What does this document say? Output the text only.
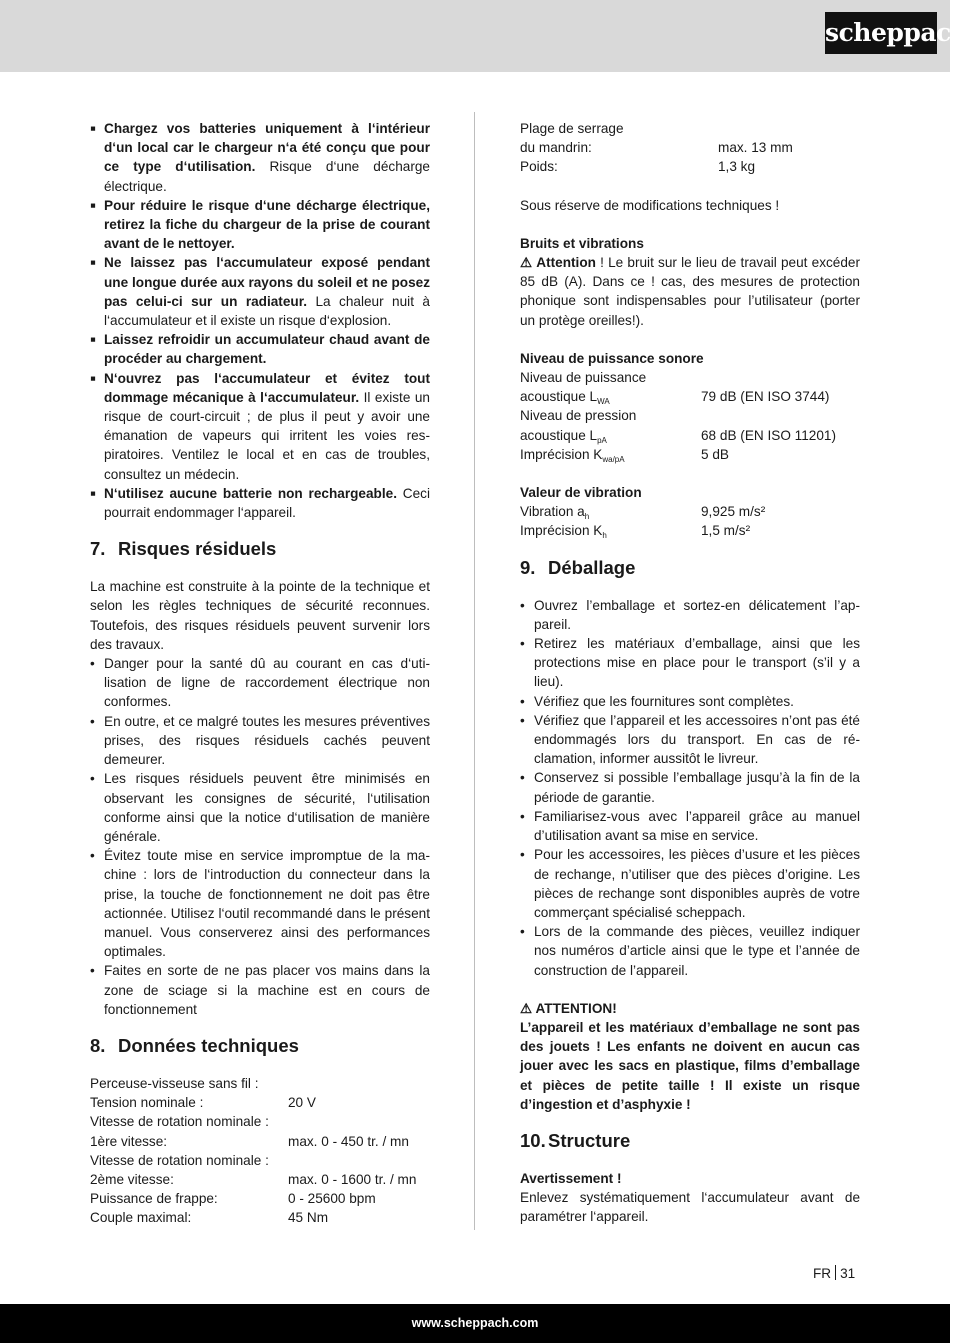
scheppach
▪ Chargez vos batteries uniquement à l‘intérieur d‘un local car le chargeur n‘a été conçu que pour ce type d‘utilisation. Risque d‘une décharge électrique.
▪ Pour réduire le risque d‘une décharge électrique, retirez la fiche du chargeur de la prise de courant avant de le nettoyer.
▪ Ne laissez pas l‘accumulateur exposé pendant une longue durée aux rayons du soleil et ne posez pas celui-ci sur un radiateur. La chaleur nuit à l‘accumulateur et il existe un risque d‘explosion.
▪ Laissez refroidir un accumulateur chaud avant de procéder au chargement.
▪ N‘ouvrez pas l‘accumulateur et évitez tout dommage mécanique à l‘accumulateur. Il existe un risque de court-circuit ; de plus il peut y avoir une émanation de vapeurs qui irritent les voies respiratoires. Ventilez le local et en cas de troubles, consultez un médecin.
▪ N‘utilisez aucune batterie non rechargeable. Ceci pourrait endommager l‘appareil.
7. Risques résiduels

La machine est construite à la pointe de la technique et selon les règles techniques de sécurité reconnues. Toutefois, des risques résiduels peuvent survenir lors des travaux.

• Danger pour la santé dû au courant en cas d‘utilisation de ligne de raccordement électrique non conformes.
• En outre, et ce malgré toutes les mesures préventives prises, des risques résiduels cachés peuvent demeurer.
• Les risques résiduels peuvent être minimisés en observant les consignes de sécurité, l‘utilisation conforme ainsi que la notice d‘utilisation de manière générale.
• Évitez toute mise en service impromptue de la machine : lors de l‘introduction du connecteur dans la prise, la touche de fonctionnement ne doit pas être actionnée. Utilisez l‘outil recommandé dans le présent manuel. Vous conserverez ainsi des performances optimales.
• Faites en sorte de ne pas placer vos mains dans la zone de sciage si la machine est en cours de fonctionnement
8. Données techniques
Perceuse-visseuse sans fil :
Tension nominale :	20 V
Vitesse de rotation nominale :
1ère vitesse:	max. 0 - 450 tr. / mn
Vitesse de rotation nominale :
2ème vitesse:	max. 0 - 1600 tr. / mn
Puissance de frappe:	0 - 25600 bpm
Couple maximal:	45 Nm
Plage de serrage
du mandrin:	max. 13 mm
Poids:	1,3 kg

Sous réserve de modifications techniques !

Bruits et vibrations

⚠ Attention ! Le bruit sur le lieu de travail peut excéder 85 dB (A). Dans ce ! cas, des mesures de protection phonique sont indispensables pour l’utilisateur (porter un protège oreilles!).

Niveau de puissance sonore

Niveau de puissance
acoustique $L_{WA}$	79 dB (EN ISO 3744)
Niveau de pression
acoustique $L_{pA}$	68 dB (EN ISO 11201)
Imprécision $K_{wa/pA}$	5 dB

Valeur de vibration

Vibration $a_h$	9,925 m/s²
Imprécision $K_h$	1,5 m/s²
9. Déballage
• Ouvrez l’emballage et sortez-en délicatement l’appareil.
• Retirez les matériaux d’emballage, ainsi que les protections mise en place pour le transport (s’il y a lieu).
• Vérifiez que les fournitures sont complètes.
• Vérifiez que l’appareil et les accessoires n’ont pas été endommagés lors du transport. En cas de réclamation, informer aussitôt le livreur.
• Conservez si possible l’emballage jusqu’à la fin de la période de garantie.
• Familiarisez-vous avec l’appareil grâce au manuel d’utilisation avant sa mise en service.
• Pour les accessoires, les pièces d’usure et les pièces de rechange, n’utiliser que des pièces d’origine. Les pièces de rechange sont disponibles auprès de votre commerçant spécialisé scheppach.
• Lors de la commande des pièces, veuillez indiquer nos numéros d’article ainsi que le type et l’année de construction de l’appareil.

⚠ ATTENTION!

L’appareil et les matériaux d’emballage ne sont pas des jouets ! Les enfants ne doivent en aucun cas jouer avec les sacs en plastique, films d’emballage et pièces de petite taille ! Il existe un risque d’ingestion et d’asphyxie !

10. Structure

Avertissement !

Enlevez systématiquement l‘accumulateur avant de paramétrer l‘appareil.

FR 31
www.scheppach.com
